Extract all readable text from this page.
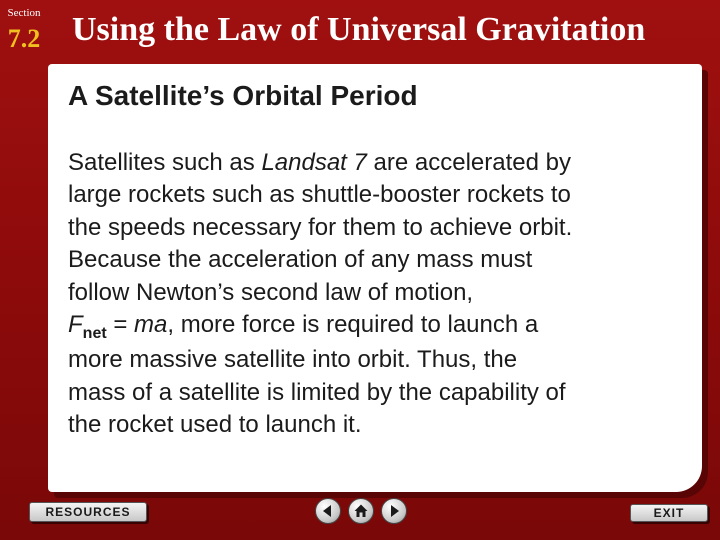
Section
7.2 Using the Law of Universal Gravitation
A Satellite’s Orbital Period
Satellites such as Landsat 7 are accelerated by
large rockets such as shuttle-booster rockets to
the speeds necessary for them to achieve orbit.
Because the acceleration of any mass must
follow Newton’s second law of motion,
$F_{net}$ = ma, more force is required to launch a
more massive satellite into orbit. Thus, the
mass of a satellite is limited by the capability of
the rocket used to launch it.
RESOURCES	EXIT
